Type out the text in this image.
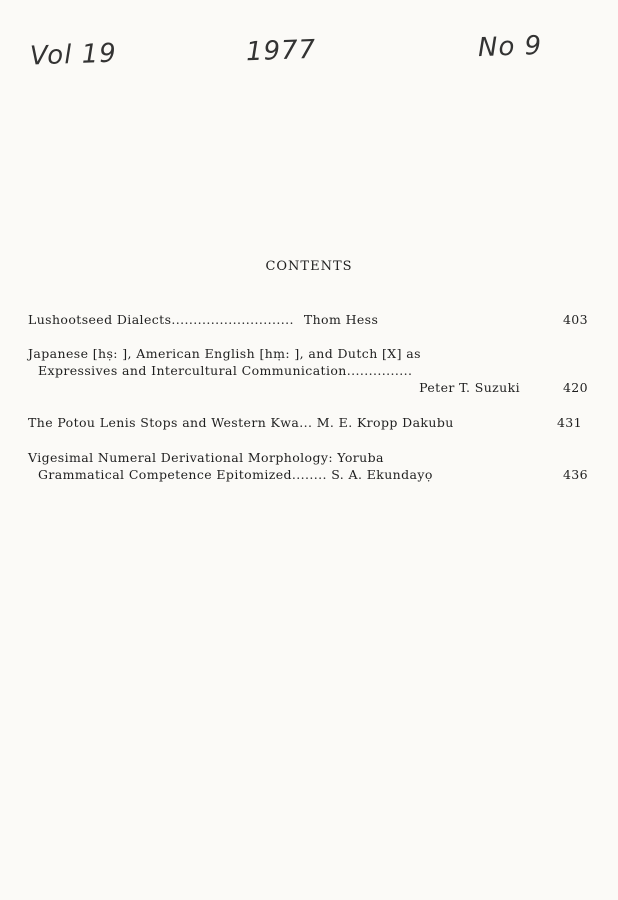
Vol 19	1977	No 9
CONTENTS
Lushootseed Dialects............................ Thom Hess	403
Japanese [hṣ: ], American English [hṃ: ], and Dutch [X] as
Expressives and Intercultural Communication...............
Peter T. Suzuki	420
The Potou Lenis Stops and Western Kwa... M. E. Kropp Dakubu	431
Vigesimal Numeral Derivational Morphology: Yoruba
Grammatical Competence Epitomized........ S. A. Ekundayọ	436
